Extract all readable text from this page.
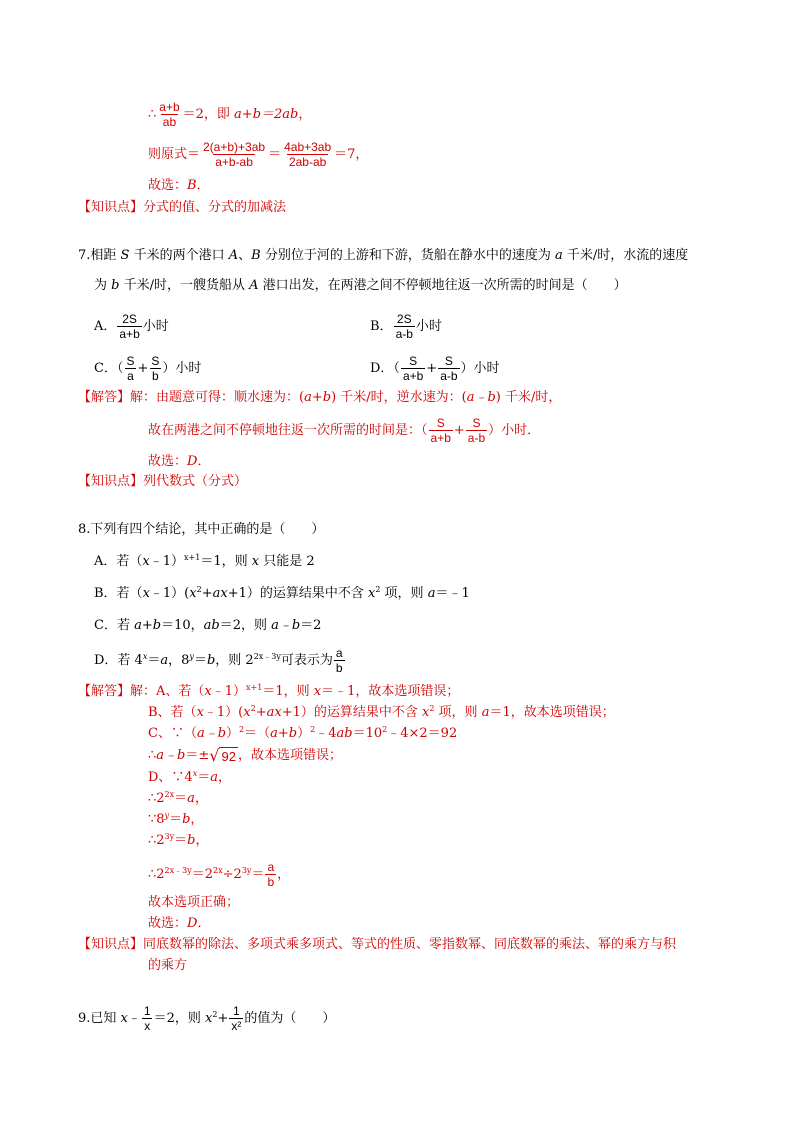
∴ $\frac{a+b}{ab} =2$，即 a+b＝2ab，
则原式＝ $\frac{2(a+b)+3ab}{a+b-ab} = \frac{4ab+3ab}{2ab-ab} =7$，
故选：B．
【知识点】分式的值、分式的加减法
7.相距 S 千米的两个港口 A、B 分别位于河的上游和下游，货船在静水中的速度为 a 千米/时，水流的速度
为 b 千米/时，一艘货船从 A 港口出发，在两港之间不停顿地往返一次所需的时间是（　　）
A． $\frac{2S}{a+b}$ 小时	B． $\frac{2S}{a-b}$ 小时
C．（ $\frac{S}{a} + \frac{S}{b}$ ）小时	D．（ $\frac{S}{a+b} + \frac{S}{a-b}$ ）小时
【解答】解：由题意可得：顺水速为：(a+b) 千米/时，逆水速为：(a﹣b) 千米/时，
故在两港之间不停顿地往返一次所需的时间是：（ $\frac{S}{a+b} + \frac{S}{a-b}$ ）小时．
故选：D．
【知识点】列代数式（分式）
8.下列有四个结论，其中正确的是（　　）
A．若（x﹣1）$^{x+1}$＝1，则 x 只能是 2
B．若$(x﹣1)(x^2+ax+1)$的运算结果中不含 $x^2$ 项，则 a＝﹣1
C．若 a+b＝10，ab＝2，则 a﹣b＝2
D．若 $4^x=a$，$8^y=b$，则 $2^{2x﹣3y}$可表示为 $\frac{a}{b}$
【解答】解：A、若（x﹣1）$^{x+1}$＝1，则 x＝﹣1，故本选项错误；
B、若$(x﹣1)(x^2+ax+1)$的运算结果中不含 $x^2$ 项，则 a＝1，故本选项错误；
C、$\because(a﹣b)^2=(a+b)^2﹣4ab=10^2﹣4\times 2=92$
∴a﹣b＝± √ 92 ，故本选项错误；
D、$\because 4^x=a$，
$\therefore 2^{2x}=a$，
$\because 8^y=b$，
$\therefore 2^{3y}=b$，
$\therefore 2^{2x﹣3y}=2^{2x}\div 2^{3y}= \frac{a}{b}$ ，
故本选项正确；
故选：D．
【知识点】同底数幂的除法、多项式乘多项式、等式的性质、零指数幂、同底数幂的乘法、幂的乘方与积
的乘方
9.已知 x﹣ $\frac{1}{x} =2$，则 $x^2+ \frac{1}{\text{x²}}$ 的值为（　　）
